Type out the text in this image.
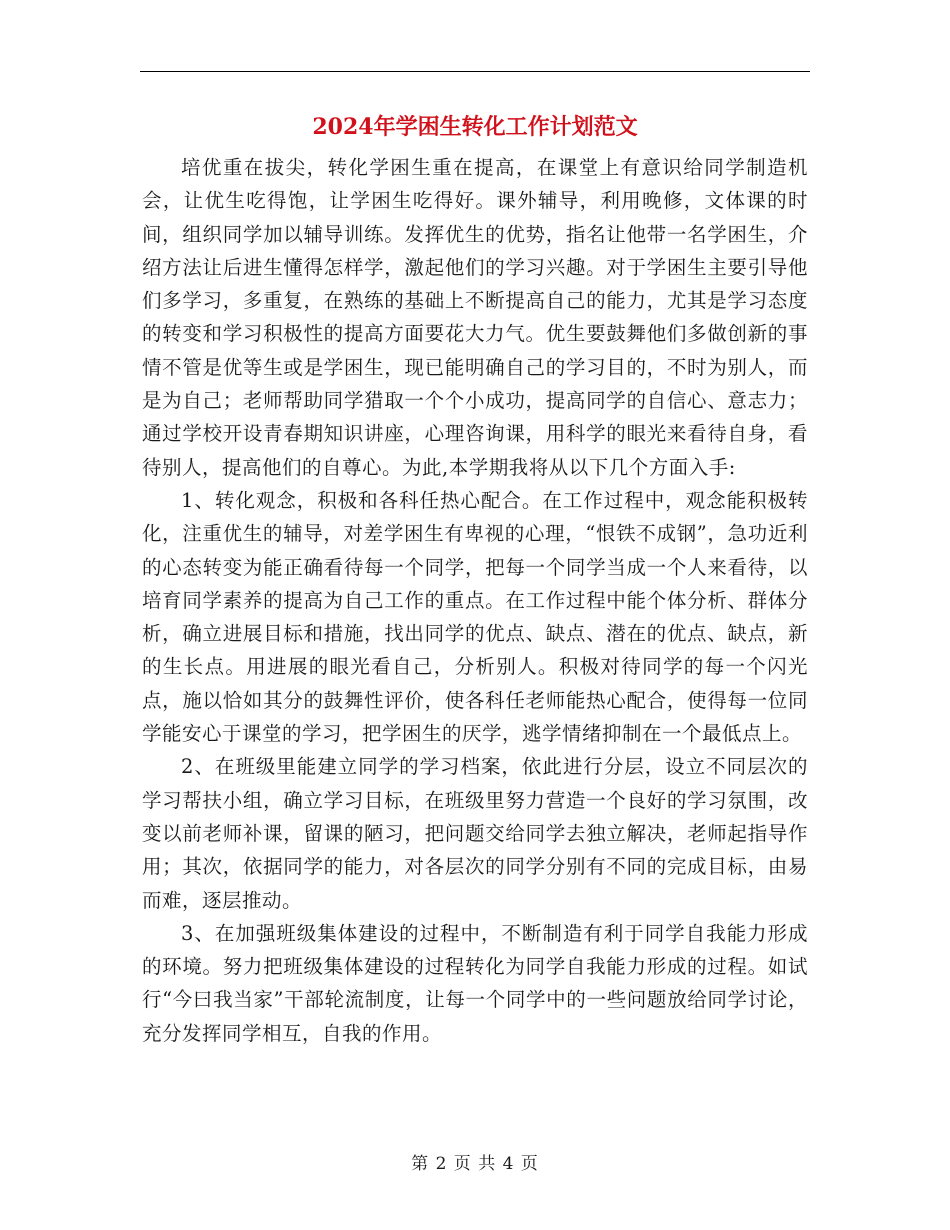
2024年学困生转化工作计划范文

培优重在拔尖，转化学困生重在提高，在课堂上有意识给同学制造机会，让优生吃得饱，让学困生吃得好。课外辅导，利用晚修，文体课的时间，组织同学加以辅导训练。发挥优生的优势，指名让他带一名学困生，介绍方法让后进生懂得怎样学，激起他们的学习兴趣。对于学困生主要引导他们多学习，多重复，在熟练的基础上不断提高自己的能力，尤其是学习态度的转变和学习积极性的提高方面要花大力气。优生要鼓舞他们多做创新的事情不管是优等生或是学困生，现已能明确自己的学习目的，不时为别人，而是为自己；老师帮助同学猎取一个个小成功，提高同学的自信心、意志力；通过学校开设青春期知识讲座，心理咨询课，用科学的眼光来看待自身，看待别人，提高他们的自尊心。为此,本学期我将从以下几个方面入手:

1、转化观念，积极和各科任热心配合。在工作过程中，观念能积极转化，注重优生的辅导，对差学困生有卑视的心理，“恨铁不成钢”，急功近利的心态转变为能正确看待每一个同学，把每一个同学当成一个人来看待，以培育同学素养的提高为自己工作的重点。在工作过程中能个体分析、群体分析，确立进展目标和措施，找出同学的优点、缺点、潜在的优点、缺点，新的生长点。用进展的眼光看自己，分析别人。积极对待同学的每一个闪光点，施以恰如其分的鼓舞性评价，使各科任老师能热心配合，使得每一位同学能安心于课堂的学习，把学困生的厌学，逃学情绪抑制在一个最低点上。

2、在班级里能建立同学的学习档案，依此进行分层，设立不同层次的学习帮扶小组，确立学习目标，在班级里努力营造一个良好的学习氛围，改变以前老师补课，留课的陋习，把问题交给同学去独立解决，老师起指导作用；其次，依据同学的能力，对各层次的同学分别有不同的完成目标，由易而难，逐层推动。

3、在加强班级集体建设的过程中，不断制造有利于同学自我能力形成的环境。努力把班级集体建设的过程转化为同学自我能力形成的过程。如试行“今曰我当家”干部轮流制度，让每一个同学中的一些问题放给同学讨论，充分发挥同学相互，自我的作用。

第 2 页 共 4 页
